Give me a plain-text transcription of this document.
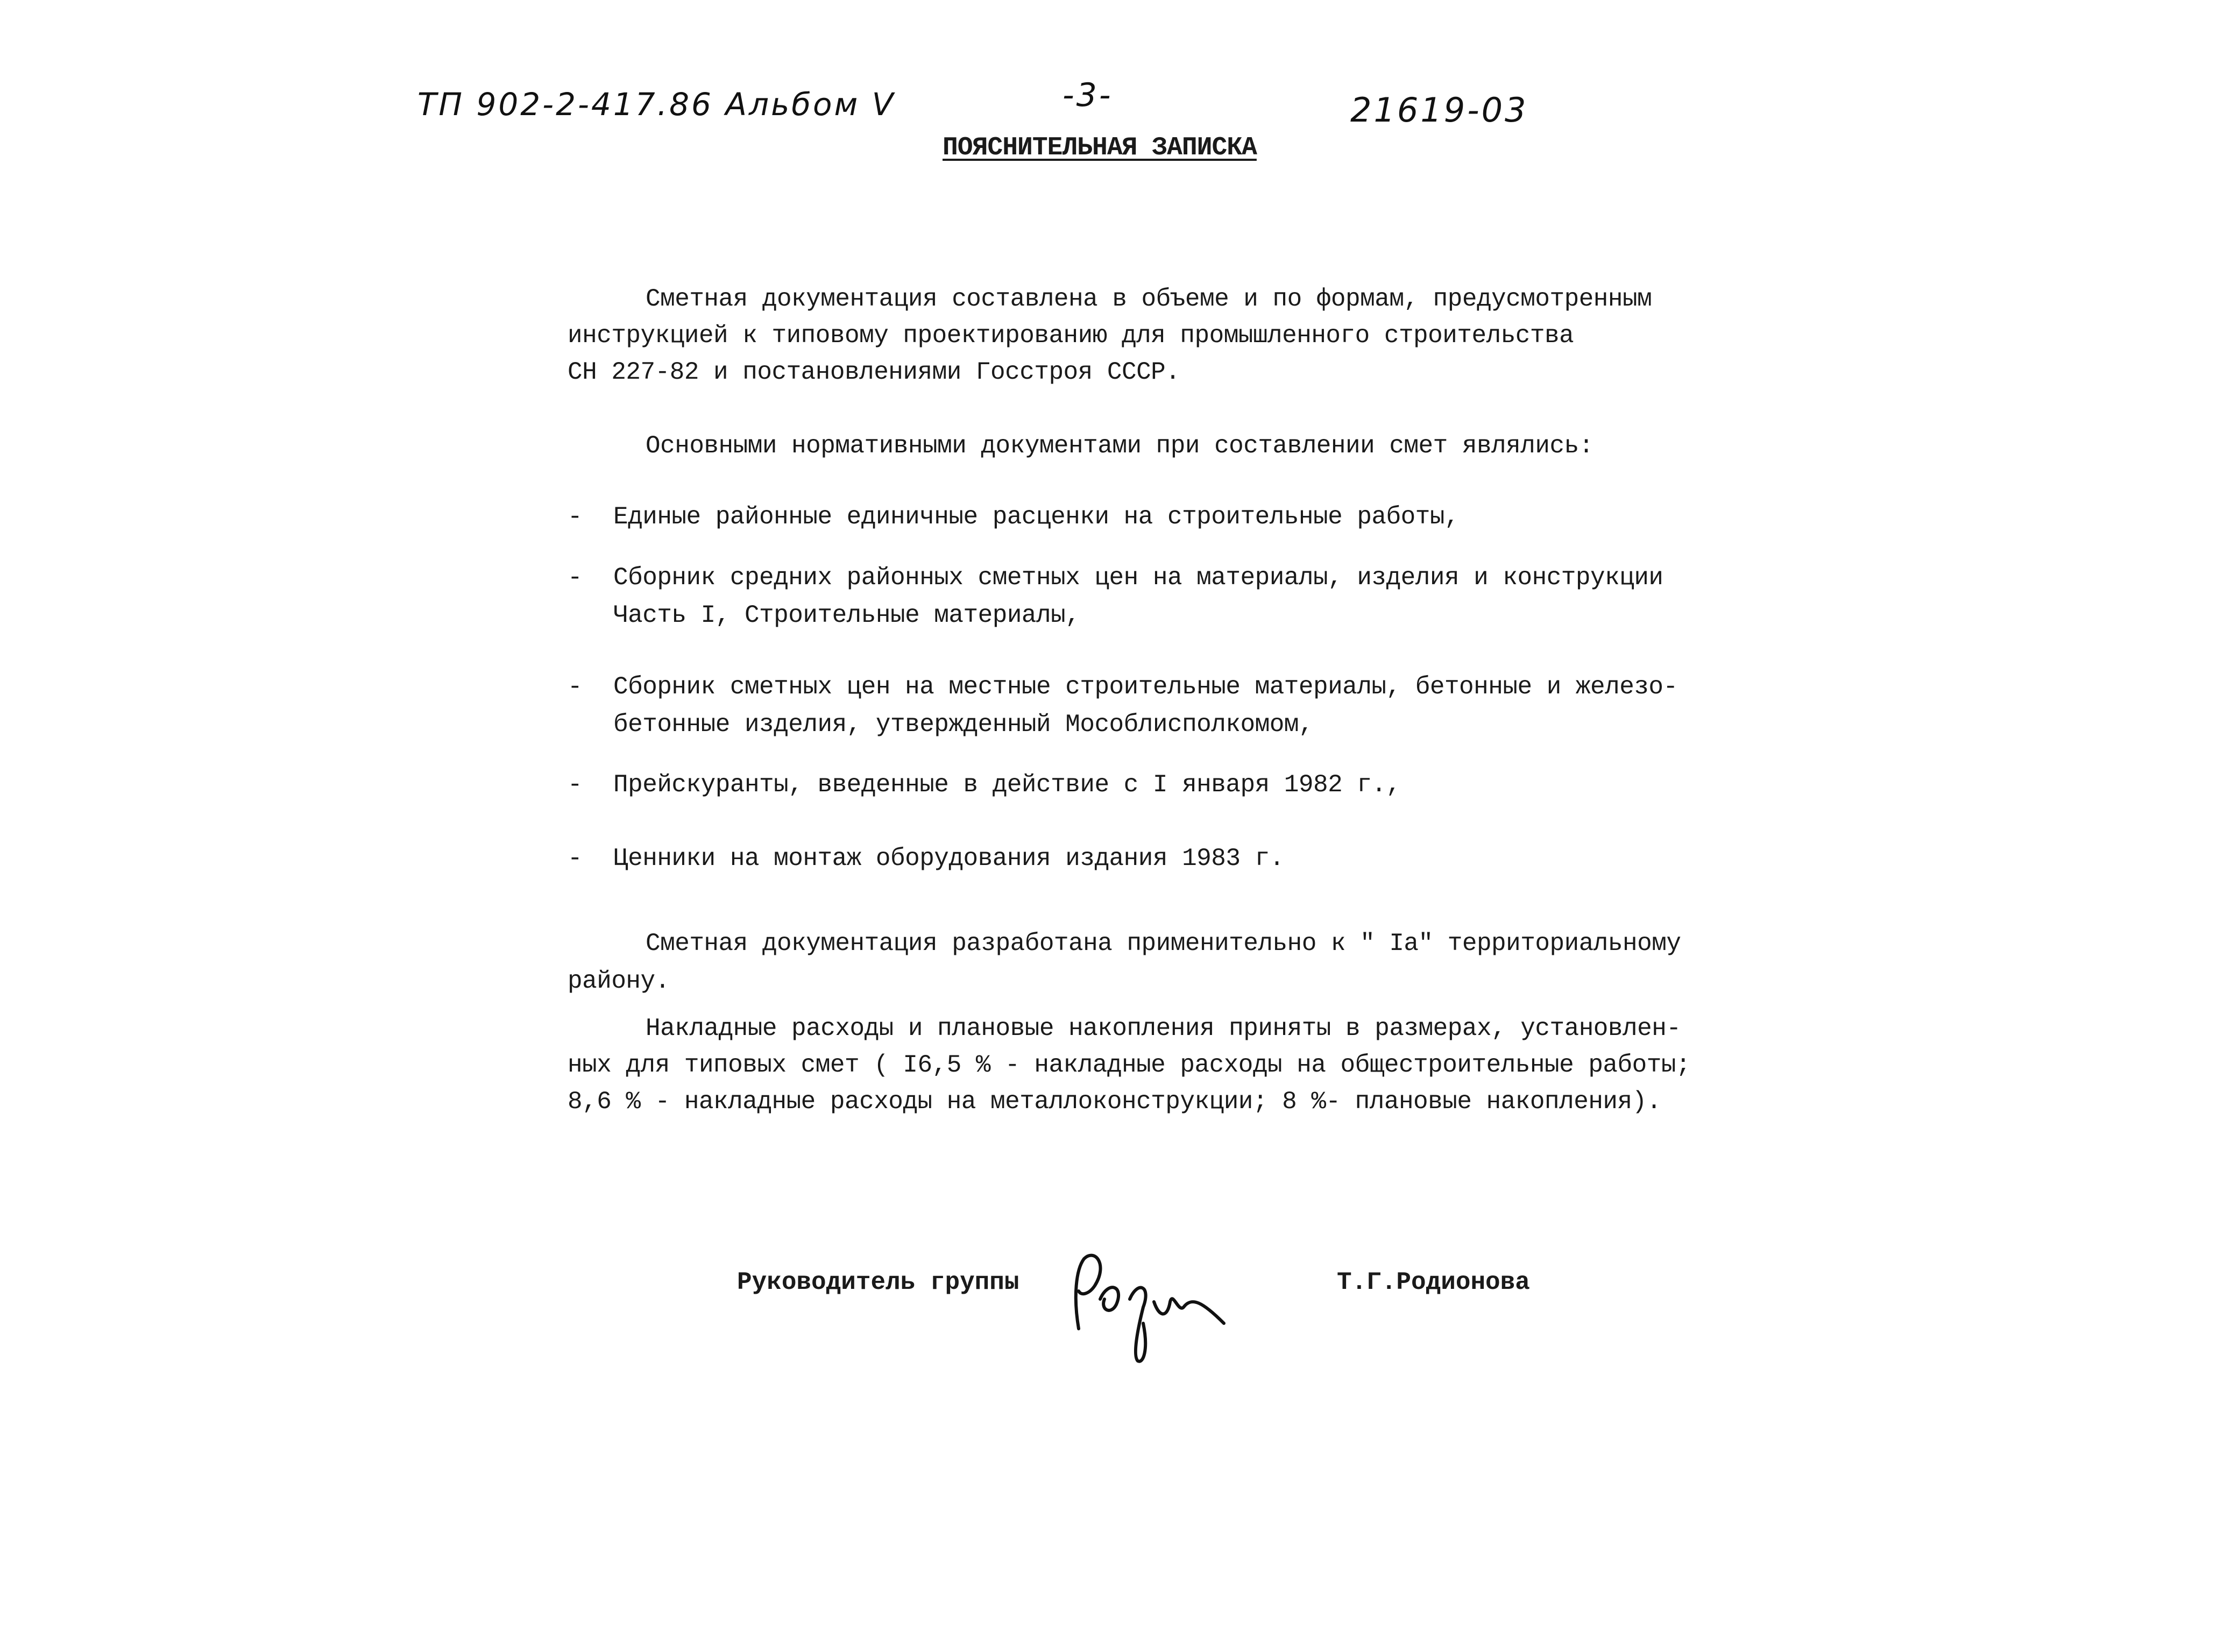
ТП 902-2-417.86 Альбом V	-3-	21619-03
ПОЯСНИТЕЛЬНАЯ ЗАПИСКА
Сметная документация составлена в объеме и по формам, предусмотренным
инструкцией к типовому проектированию для промышленного строительства
СН 227-82 и постановлениями Госстроя СССР.
Основными нормативными документами при составлении смет являлись:
- Единые районные единичные расценки на строительные работы,
- Сборник средних районных сметных цен на материалы, изделия и конструкции
Часть I, Строительные материалы,
- Сборник сметных цен на местные строительные материалы, бетонные и железо-
бетонные изделия, утвержденный Мособлисполкомом,
- Прейскуранты, введенные в действие с I января 1982 г.,
- Ценники на монтаж оборудования издания 1983 г.
Сметная документация разработана применительно к " Iа" территориальному
району.
Накладные расходы и плановые накопления приняты в размерах, установлен-
ных для типовых смет ( I6,5 % - накладные расходы на общестроительные работы;
8,6 % - накладные расходы на металлоконструкции; 8 %- плановые накопления).
Руководитель группы	Т.Г.Родионова
